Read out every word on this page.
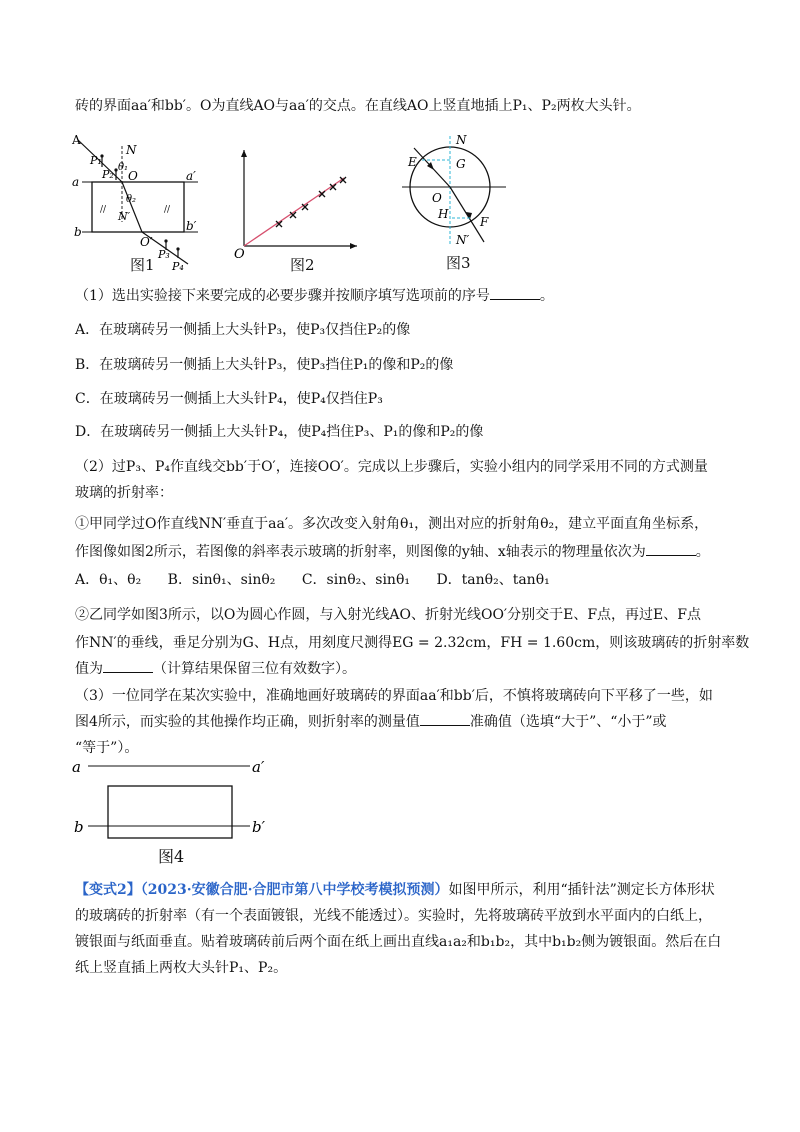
砖的界面aa′和bb′。O为直线AO与aa′的交点。在直线AO上竖直地插上P₁、P₂两枚大头针。
//	//
A
P₁
P₂
N
θ₁
O
a	a′
θ₂
N′
b	b′
O′
P₃
P₄
图1
O
图2
N
E	G
O
H
F
N′
图3
（1）选出实验接下来要完成的必要步骤并按顺序填写选项前的序号	。
A．在玻璃砖另一侧插上大头针P₃，使P₃仅挡住P₂的像
B．在玻璃砖另一侧插上大头针P₃，使P₃挡住P₁的像和P₂的像
C．在玻璃砖另一侧插上大头针P₄，使P₄仅挡住P₃
D．在玻璃砖另一侧插上大头针P₄，使P₄挡住P₃、P₁的像和P₂的像
（2）过P₃、P₄作直线交bb′于O′，连接OO′。完成以上步骤后，实验小组内的同学采用不同的方式测量
玻璃的折射率：
①甲同学过O作直线NN′垂直于aa′。多次改变入射角θ₁，测出对应的折射角θ₂，建立平面直角坐标系，
作图像如图2所示，若图像的斜率表示玻璃的折射率，则图像的y轴、x轴表示的物理量依次为	。
A．θ₁、θ₂ B．sinθ₁、sinθ₂ C．sinθ₂、sinθ₁ D．tanθ₂、tanθ₁
②乙同学如图3所示，以O为圆心作圆，与入射光线AO、折射光线OO′分别交于E、F点，再过E、F点
作NN′的垂线，垂足分别为G、H点，用刻度尺测得EG = 2.32cm，FH = 1.60cm，则该玻璃砖的折射率数
值为	（计算结果保留三位有效数字）。
（3）一位同学在某次实验中，准确地画好玻璃砖的界面aa′和bb′后，不慎将玻璃砖向下平移了一些，如
图4所示，而实验的其他操作均正确，则折射率的测量值	准确值（选填“大于”、“小于”或
“等于”）。
a	a′
b	b′
图4
【变式2】（2023·安徽合肥·合肥市第八中学校考模拟预测）如图甲所示，利用“插针法”测定长方体形状
的玻璃砖的折射率（有一个表面镀银，光线不能透过）。实验时，先将玻璃砖平放到水平面内的白纸上，
镀银面与纸面垂直。贴着玻璃砖前后两个面在纸上画出直线a₁a₂和b₁b₂，其中b₁b₂侧为镀银面。然后在白
纸上竖直插上两枚大头针P₁、P₂。
